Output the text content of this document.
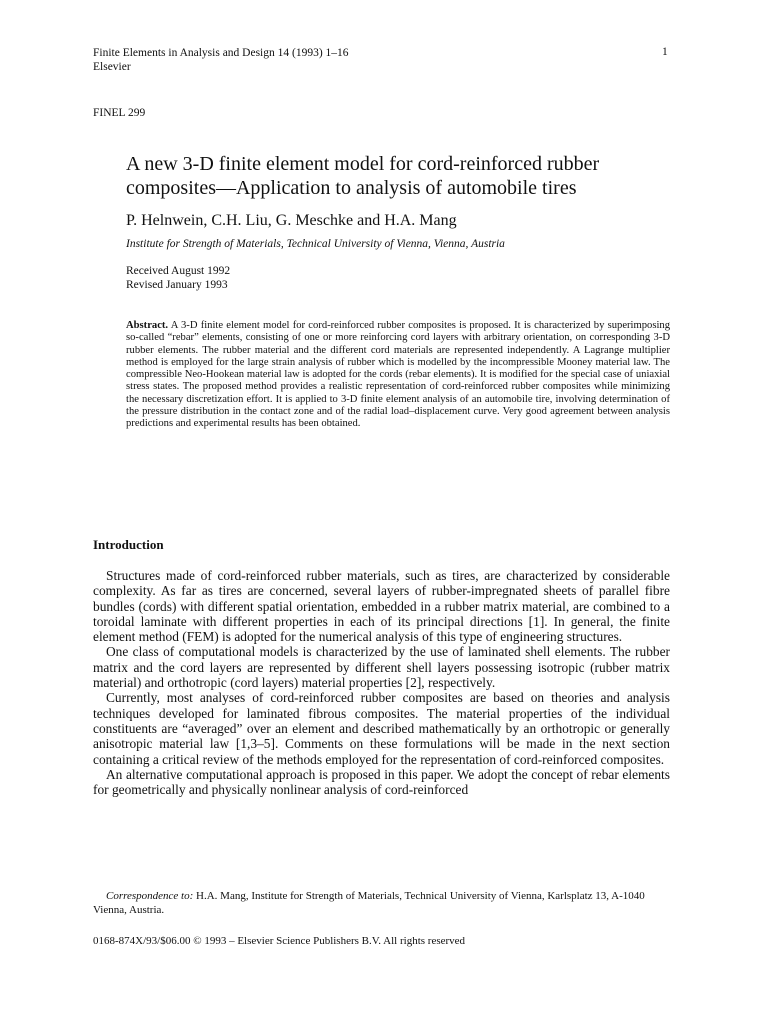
Finite Elements in Analysis and Design 14 (1993) 1–16
Elsevier
1
FINEL 299
A new 3-D finite element model for cord-reinforced rubber composites—Application to analysis of automobile tires
P. Helnwein, C.H. Liu, G. Meschke and H.A. Mang
Institute for Strength of Materials, Technical University of Vienna, Vienna, Austria
Received August 1992
Revised January 1993
Abstract. A 3-D finite element model for cord-reinforced rubber composites is proposed. It is characterized by superimposing so-called “rebar” elements, consisting of one or more reinforcing cord layers with arbitrary orientation, on corresponding 3-D rubber elements. The rubber material and the different cord materials are represented independently. A Lagrange multiplier method is employed for the large strain analysis of rubber which is modelled by the incompressible Mooney material law. The compressible Neo-Hookean material law is adopted for the cords (rebar elements). It is modified for the special case of uniaxial stress states. The proposed method provides a realistic representation of cord-reinforced rubber composites while minimizing the necessary discretization effort. It is applied to 3-D finite element analysis of an automobile tire, involving determination of the pressure distribution in the contact zone and of the radial load–displacement curve. Very good agreement between analysis predictions and experimental results has been obtained.
Introduction

Structures made of cord-reinforced rubber materials, such as tires, are characterized by considerable complexity. As far as tires are concerned, several layers of rubber-impregnated sheets of parallel fibre bundles (cords) with different spatial orientation, embedded in a rubber matrix material, are combined to a toroidal laminate with different properties in each of its principal directions [1]. In general, the finite element method (FEM) is adopted for the numerical analysis of this type of engineering structures.

One class of computational models is characterized by the use of laminated shell elements. The rubber matrix and the cord layers are represented by different shell layers possessing isotropic (rubber matrix material) and orthotropic (cord layers) material properties [2], respectively.

Currently, most analyses of cord-reinforced rubber composites are based on theories and analysis techniques developed for laminated fibrous composites. The material properties of the individual constituents are “averaged” over an element and described mathematically by an orthotropic or generally anisotropic material law [1,3–5]. Comments on these formulations will be made in the next section containing a critical review of the methods employed for the representation of cord-reinforced composites.

An alternative computational approach is proposed in this paper. We adopt the concept of rebar elements for geometrically and physically nonlinear analysis of cord-reinforced

Correspondence to: H.A. Mang, Institute for Strength of Materials, Technical University of Vienna, Karlsplatz 13, A-1040 Vienna, Austria.

0168-874X/93/$06.00 © 1993 – Elsevier Science Publishers B.V. All rights reserved
